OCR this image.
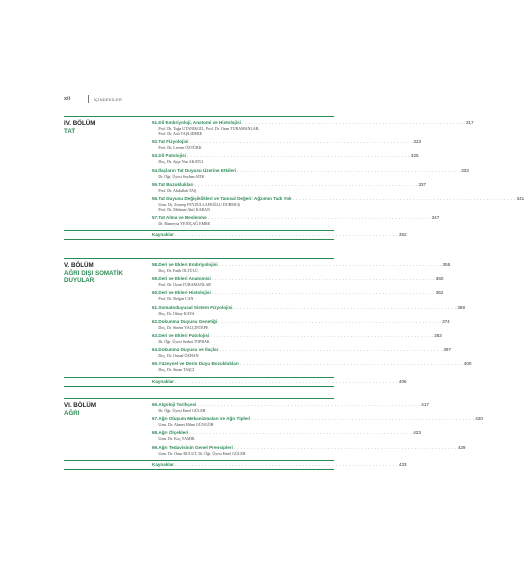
xii	İÇİNDEKİLER
IV. BÖLÜM
TAT
51. Dil Embriyoloji, Anatomi ve Histolojisi . . . . . . . . . . . . . . . . . . . . . . . . . . . . . . . . . . . . . . . . . . . . . . . . . . . . . . . . . . . . . . . . . . . 317
Prof. Dr. Tuğa UTANIKGİL, Prof. Dr. Ozan TURAMANLAR,
Prof. Dr. Aslı TAŞLIDERE
52. Tat Fizyolojisi . . . . . . . . . . . . . . . . . . . . . . . . . . . . . . . . . . . . . . . . . . . . . . . . . . . . . . . . . . . . . . . . . . . 323
Prof. Dr. Levent ÖZTÜRK
53. Dil Patolojisi . . . . . . . . . . . . . . . . . . . . . . . . . . . . . . . . . . . . . . . . . . . . . . . . . . . . . . . . . . . . . . . . . . . 325
Doç. Dr. Ayşe Nur AKATLI
54. İlaçların Tat Duyusu Üzerine Etkileri . . . . . . . . . . . . . . . . . . . . . . . . . . . . . . . . . . . . . . . . . . . . . . . . . . . . . . . . . . . . . . . . . . . 333
Dr. Öğr. Üyesi Seyhan ATIK
55. Tat Bozuklukları . . . . . . . . . . . . . . . . . . . . . . . . . . . . . . . . . . . . . . . . . . . . . . . . . . . . . . . . . . . . . . . . . . . 337
Prof. Dr. Abdullah TAŞ
56. Tat Duyusu Değişiklikleri ve Tanısal Değeri: Ağzımın Tadı Yok . . . . . . . . . . . . . . . . . . . . . . . . . . . . . . . . . . . . . . . . . . . . . . . . . . . . . . . . . . . . . . . . . . . 341
Uzm. Dr. Zeynep FEYZULLAHOĞLU DURMUŞ
Prof. Dr. Mehmet Akif KARAN
57. Tat Alma ve Beslenme . . . . . . . . . . . . . . . . . . . . . . . . . . . . . . . . . . . . . . . . . . . . . . . . . . . . . . . . . . . . . . . . . . . 347
Dr. Rümeysa YENİÇAĞ EMRE
Kaynaklar . . . . . . . . . . . . . . . . . . . . . . . . . . . . . . . . . . . . . . . . . . . . . . . . . . . . . . . . . . . . . . . . . . . 352
V. BÖLÜM
AĞRI DIŞI SOMATİK
DUYULAR
58. Deri ve Ekleri Embriyolojisi . . . . . . . . . . . . . . . . . . . . . . . . . . . . . . . . . . . . . . . . . . . . . . . . . . . . . . . . . . . . . . . . . . . 355
Doç. Dr. Fatih ÖLTÜLÜ
59. Deri ve Ekleri Anatomisi . . . . . . . . . . . . . . . . . . . . . . . . . . . . . . . . . . . . . . . . . . . . . . . . . . . . . . . . . . . . . . . . . . . 360
Prof. Dr. Ozan TURAMANLAR
60. Deri ve Ekleri Histolojisi . . . . . . . . . . . . . . . . . . . . . . . . . . . . . . . . . . . . . . . . . . . . . . . . . . . . . . . . . . . . . . . . . . . 362
Prof. Dr. Belgin CAN
61. Somatoduyusal Sistem Fizyolojisi . . . . . . . . . . . . . . . . . . . . . . . . . . . . . . . . . . . . . . . . . . . . . . . . . . . . . . . . . . . . . . . . . . . 369
Doç. Dr. Oktay KAYA
62. Dokunma Duyusu Genetiği . . . . . . . . . . . . . . . . . . . . . . . . . . . . . . . . . . . . . . . . . . . . . . . . . . . . . . . . . . . . . . . . . . . 374
Doç. Dr. Sinem YALÇINTEPE
63. Deri ve Ekleri Patolojisi . . . . . . . . . . . . . . . . . . . . . . . . . . . . . . . . . . . . . . . . . . . . . . . . . . . . . . . . . . . . . . . . . . . 383
Dr. Öğr. Üyesi Serhat TOPRAK
64. Dokunma Duyusu ve İlaçlar . . . . . . . . . . . . . . . . . . . . . . . . . . . . . . . . . . . . . . . . . . . . . . . . . . . . . . . . . . . . . . . . . . . 397
Doç. Dr. Osmal ÖZHAN
65. Yüzeysel ve Derin Duyu Bozuklukları . . . . . . . . . . . . . . . . . . . . . . . . . . . . . . . . . . . . . . . . . . . . . . . . . . . . . . . . . . . . . . . . . . . 400
Doç. Dr. Sinan TAŞÇI
Kaynaklar . . . . . . . . . . . . . . . . . . . . . . . . . . . . . . . . . . . . . . . . . . . . . . . . . . . . . . . . . . . . . . . . . . . 406
VI. BÖLÜM
AĞRI
66. Algoloji Tarihçesi . . . . . . . . . . . . . . . . . . . . . . . . . . . . . . . . . . . . . . . . . . . . . . . . . . . . . . . . . . . . . . . . . . . 417
Dr. Öğr. Üyesi Emel GÜLER
67. Ağrı Oluşum Mekanizmaları ve Ağrı Tipleri . . . . . . . . . . . . . . . . . . . . . . . . . . . . . . . . . . . . . . . . . . . . . . . . . . . . . . . . . . . . . . . . . . . 420
Uzm. Dr. Ahmet Hilmi GÜNGÖR
68. Ağrı Ölçekleri . . . . . . . . . . . . . . . . . . . . . . . . . . . . . . . . . . . . . . . . . . . . . . . . . . . . . . . . . . . . . . . . . . . 423
Uzm. Dr. Koç YAMIK
69. Ağrı Tedavisinin Genel Prensipleri . . . . . . . . . . . . . . . . . . . . . . . . . . . . . . . . . . . . . . . . . . . . . . . . . . . . . . . . . . . . . . . . . . . 429
Uzm. Dr. Onur BULUT, Dr. Öğr. Üyesi Emel GÜLER
Kaynaklar . . . . . . . . . . . . . . . . . . . . . . . . . . . . . . . . . . . . . . . . . . . . . . . . . . . . . . . . . . . . . . . . . . . 433
